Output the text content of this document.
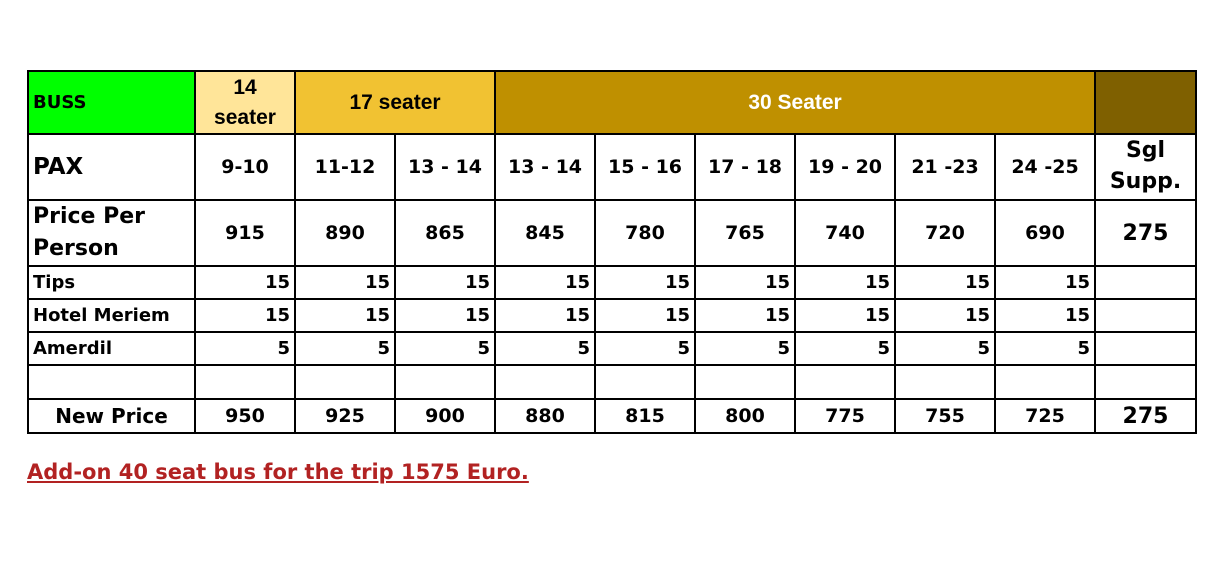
BUSS	14 seater	17 seater		30 Seater						
PAX	9-10	11-12	13 - 14	13 - 14	15 - 16	17 - 18	19 - 20	21 -23	24 -25	Sgl Supp.
Price Per Person	915	890	865	845	780	765	740	720	690	275
Tips	15	15	15	15	15	15	15	15	15	
Hotel Meriem	15	15	15	15	15	15	15	15	15	
Amerdil	5	5	5	5	5	5	5	5	5	

New Price	950	925	900	880	815	800	775	755	725	275
Add-on 40 seat bus for the trip 1575 Euro.
